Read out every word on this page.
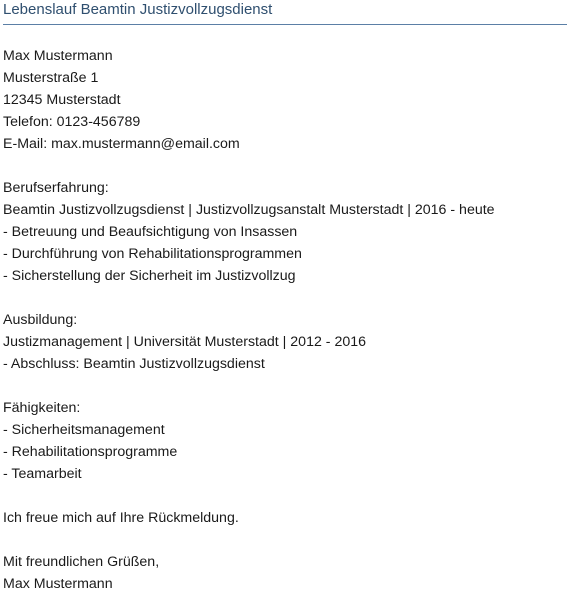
Lebenslauf Beamtin Justizvollzugsdienst
Max Mustermann
Musterstraße 1
12345 Musterstadt
Telefon: 0123-456789
E-Mail: max.mustermann@email.com
Berufserfahrung:
Beamtin Justizvollzugsdienst | Justizvollzugsanstalt Musterstadt | 2016 - heute
- Betreuung und Beaufsichtigung von Insassen
- Durchführung von Rehabilitationsprogrammen
- Sicherstellung der Sicherheit im Justizvollzug
Ausbildung:
Justizmanagement | Universität Musterstadt | 2012 - 2016
- Abschluss: Beamtin Justizvollzugsdienst
Fähigkeiten:
- Sicherheitsmanagement
- Rehabilitationsprogramme
- Teamarbeit
Ich freue mich auf Ihre Rückmeldung.
Mit freundlichen Grüßen,
Max Mustermann
